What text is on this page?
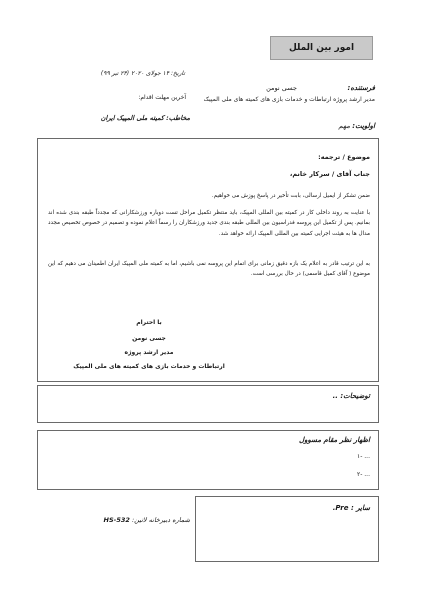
امور بین الملل
تاریخ: ۱۴ جولای ۲۰۲۰ (۲۴ تیر ۹۹)
فرستنده:
جسی نومن
مدیر ارشد پروژه ارتباطات و خدمات بازی های کمیته های ملی المپیک
آخرین مهلت اقدام:
مخاطب: کمیته ملی المپیک ایران
اولویت: مهم
موضوع / ترجمه:
جناب آقای / سرکار خانم،
ضمن تشکر از ایمیل ارسالی، بابت تأخیر در پاسخ پوزش می خواهیم.
با عنایت به روند داخلی کار در کمیته بین المللی المپیک، باید منتظر تکمیل مراحل تست دوباره ورزشکارانی که مجدداً طبقه بندی شده اند بمانیم. پس از تکمیل این پروسه فدراسیون بین المللی طبقه بندی جدید ورزشکاران را رسماً اعلام نموده و تصمیم در خصوص تخصیص مجدد مدال ها به هیئت اجرایی کمیته بین المللی المپیک ارائه خواهد شد.
به این ترتیب قادر به اعلام یک بازه دقیق زمانی برای اتمام این پروسه نمی باشیم، اما به کمیته ملی المپیک ایران اطمینان می دهیم که این موضوع ( آقای کمیل قاسمی) در حال بررسی است.
با احترام
جسی نومن
مدیر ارشد پروژه
ارتباطات و خدمات بازی های کمیته های ملی المپیک
توضیحات: ..
اظهار نظر مقام مسوول
۱- ...
۲- ...
سایر : Pre.
شماره دبیرخانه لاتین: HS-532
